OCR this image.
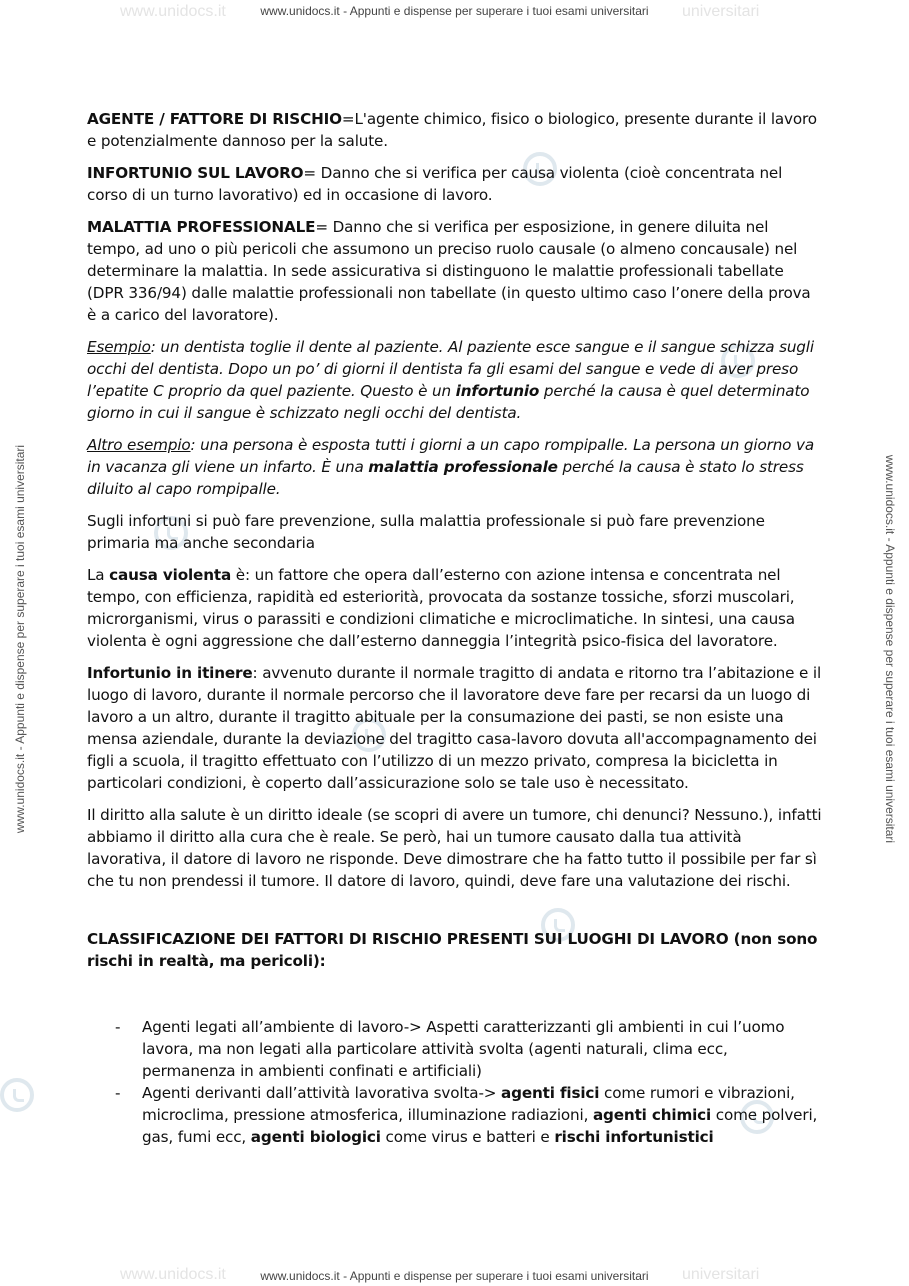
www.unidocs.it	universitari
www.unidocs.it - Appunti e dispense per superare i tuoi esami universitari
www.unidocs.it	universitari
www.unidocs.it - Appunti e dispense per superare i tuoi esami universitari
www.unidocs.it - Appunti e dispense per superare i tuoi esami universitari	www.unidocs.it - Appunti e dispense per superare i tuoi esami universitari

AGENTE / FATTORE DI RISCHIO=L'agente chimico, fisico o biologico, presente durante il lavoro e potenzialmente dannoso per la salute.

INFORTUNIO SUL LAVORO= Danno che si verifica per causa violenta (cioè concentrata nel corso di un turno lavorativo) ed in occasione di lavoro.

MALATTIA PROFESSIONALE= Danno che si verifica per esposizione, in genere diluita nel tempo, ad uno o più pericoli che assumono un preciso ruolo causale (o almeno concausale) nel determinare la malattia. In sede assicurativa si distinguono le malattie professionali tabellate (DPR 336/94) dalle malattie professionali non tabellate (in questo ultimo caso l’onere della prova è a carico del lavoratore).

Esempio: un dentista toglie il dente al paziente. Al paziente esce sangue e il sangue schizza sugli occhi del dentista. Dopo un po’ di giorni il dentista fa gli esami del sangue e vede di aver preso l’epatite C proprio da quel paziente. Questo è un infortunio perché la causa è quel determinato giorno in cui il sangue è schizzato negli occhi del dentista.

Altro esempio: una persona è esposta tutti i giorni a un capo rompipalle. La persona un giorno va in vacanza gli viene un infarto. È una malattia professionale perché la causa è stato lo stress diluito al capo rompipalle.

Sugli infortuni si può fare prevenzione, sulla malattia professionale si può fare prevenzione primaria ma anche secondaria

La causa violenta è: un fattore che opera dall’esterno con azione intensa e concentrata nel tempo, con efficienza, rapidità ed esteriorità, provocata da sostanze tossiche, sforzi muscolari, microrganismi, virus o parassiti e condizioni climatiche e microclimatiche. In sintesi, una causa violenta è ogni aggressione che dall’esterno danneggia l’integrità psico-fisica del lavoratore.

Infortunio in itinere: avvenuto durante il normale tragitto di andata e ritorno tra l’abitazione e il luogo di lavoro, durante il normale percorso che il lavoratore deve fare per recarsi da un luogo di lavoro a un altro, durante il tragitto abituale per la consumazione dei pasti, se non esiste una mensa aziendale, durante la deviazione del tragitto casa-lavoro dovuta all'accompagnamento dei figli a scuola, il tragitto effettuato con l’utilizzo di un mezzo privato, compresa la bicicletta in particolari condizioni, è coperto dall’assicurazione solo se tale uso è necessitato.

Il diritto alla salute è un diritto ideale (se scopri di avere un tumore, chi denunci? Nessuno.), infatti abbiamo il diritto alla cura che è reale. Se però, hai un tumore causato dalla tua attività lavorativa, il datore di lavoro ne risponde. Deve dimostrare che ha fatto tutto il possibile per far sì che tu non prendessi il tumore. Il datore di lavoro, quindi, deve fare una valutazione dei rischi.

CLASSIFICAZIONE DEI FATTORI DI RISCHIO PRESENTI SUI LUOGHI DI LAVORO (non sono rischi in realtà, ma pericoli):

- Agenti legati all’ambiente di lavoro-> Aspetti caratterizzanti gli ambienti in cui l’uomo lavora, ma non legati alla particolare attività svolta (agenti naturali, clima ecc, permanenza in ambienti confinati e artificiali)
- Agenti derivanti dall’attività lavorativa svolta-> agenti fisici come rumori e vibrazioni, microclima, pressione atmosferica, illuminazione radiazioni, agenti chimici come polveri, gas, fumi ecc, agenti biologici come virus e batteri e rischi infortunistici
